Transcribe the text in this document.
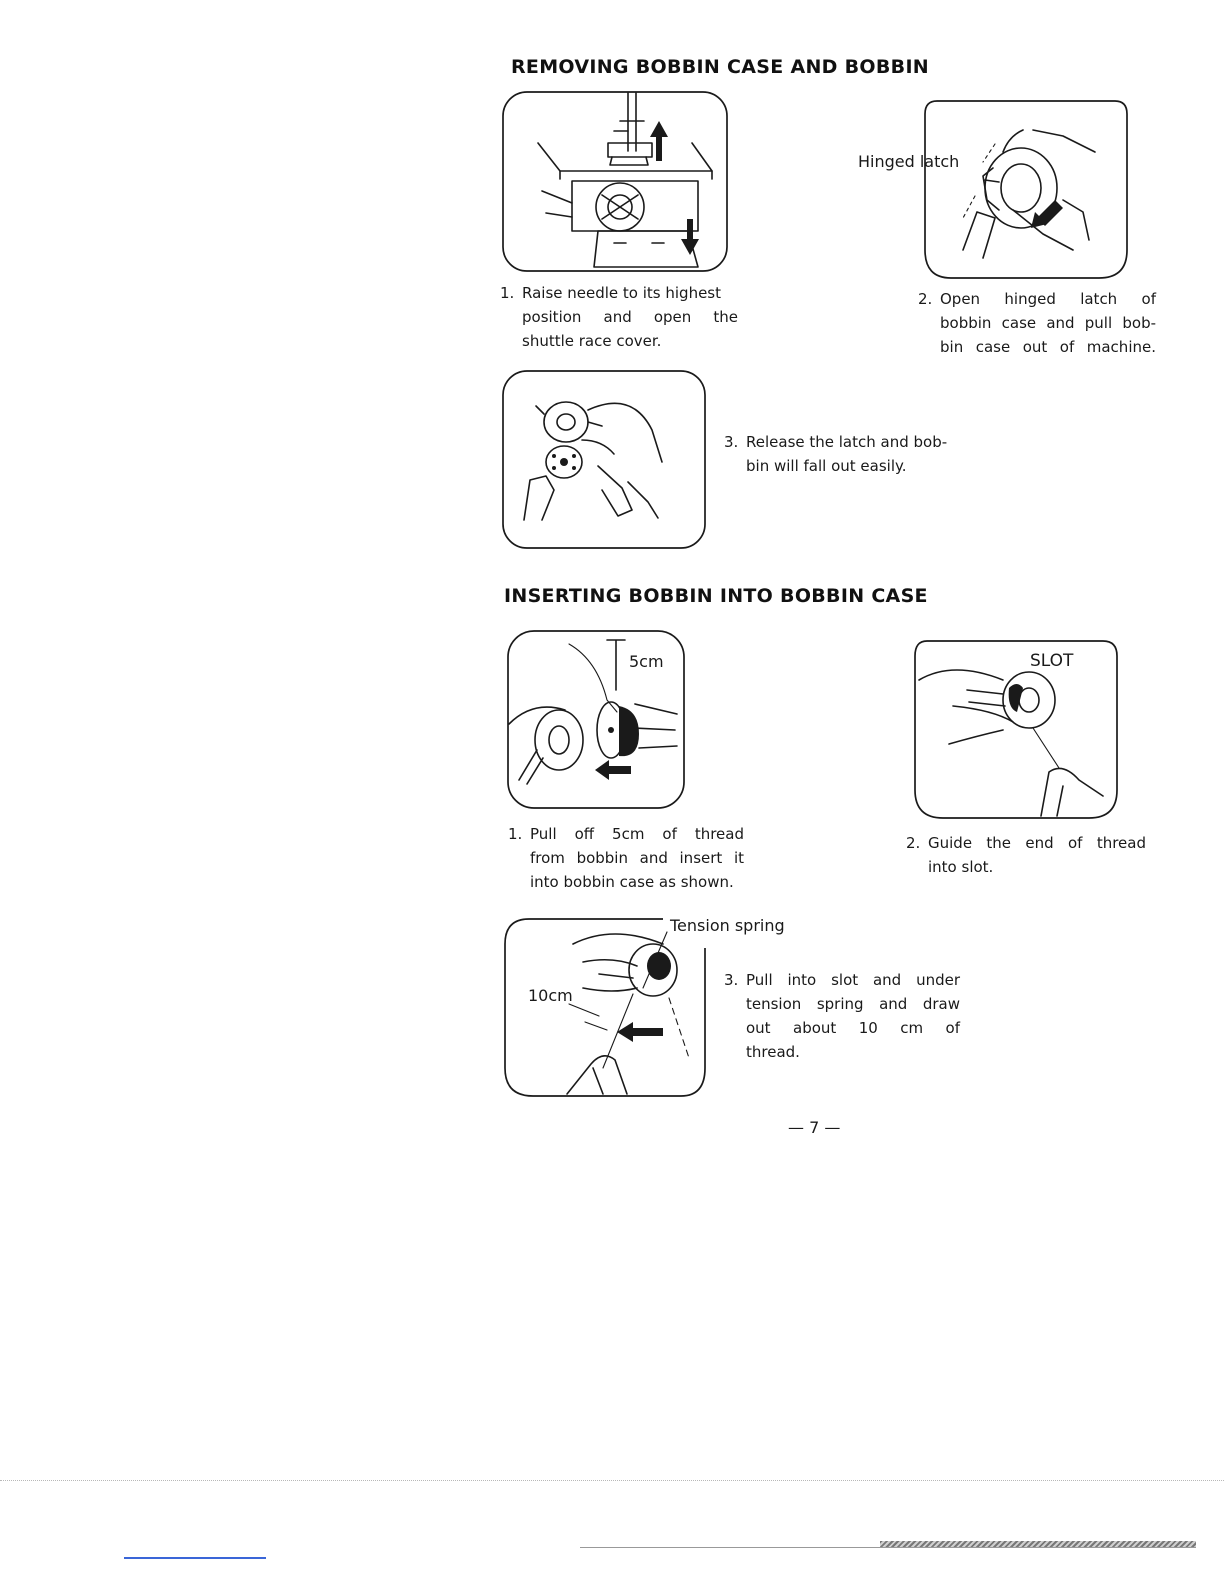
REMOVING BOBBIN CASE AND BOBBIN
1. Raise needle to its highest
position and open the
shuttle race cover.
Hinged latch
2. Open hinged latch of
bobbin case and pull bob-
bin case out of machine.
3. Release the latch and bob-
bin will fall out easily.
INSERTING BOBBIN INTO BOBBIN CASE
5cm
1. Pull off 5cm of thread
from bobbin and insert it
into bobbin case as shown.
SLOT
2. Guide the end of thread
into slot.
Tension spring
10cm
3. Pull into slot and under
tension spring and draw
out about 10 cm of
thread.
— 7 —
